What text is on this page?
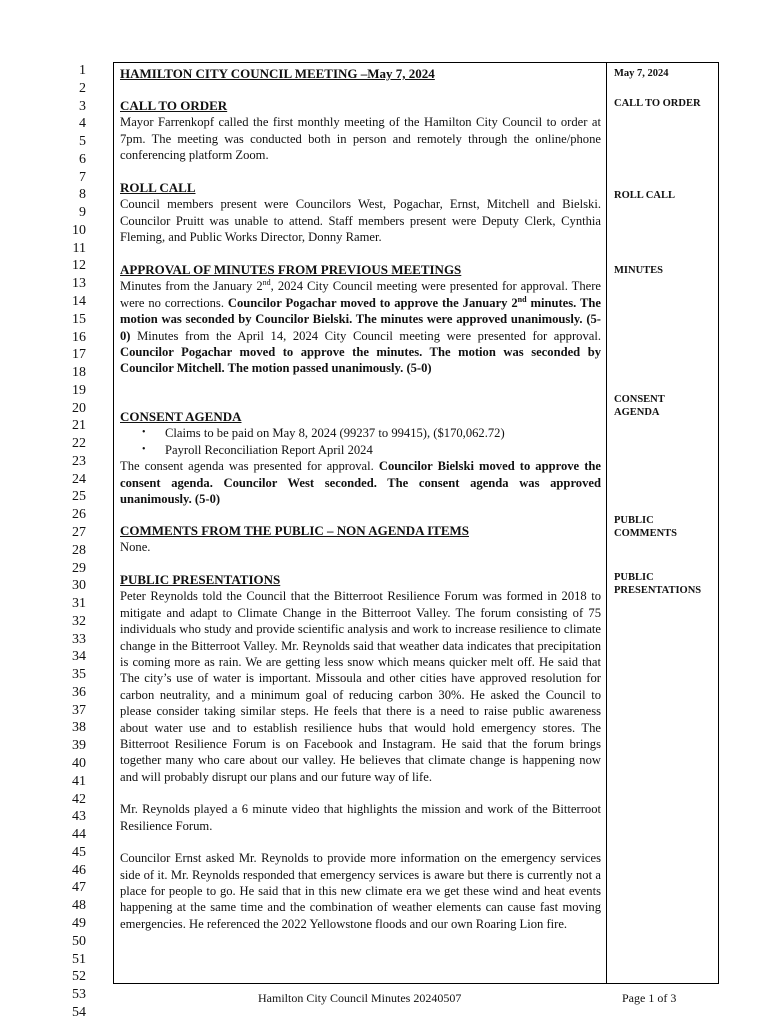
1
2
3
4
5
6
7
8
9
10
11
12
13
14
15
16
17
18
19
20
21
22
23
24
25
26
27
28
29
30
31
32
33
34
35
36
37
38
39
40
41
42
43
44
45
46
47
48
49
50
51
52
53
54
HAMILTON CITY COUNCIL MEETING –May 7, 2024
CALL TO ORDER
Mayor Farrenkopf called the first monthly meeting of the Hamilton City Council to order at 7pm. The meeting was conducted both in person and remotely through the online/phone conferencing platform Zoom.
ROLL CALL
Council members present were Councilors West, Pogachar, Ernst, Mitchell and Bielski. Councilor Pruitt was unable to attend. Staff members present were Deputy Clerk, Cynthia Fleming, and Public Works Director, Donny Ramer.
APPROVAL OF MINUTES FROM PREVIOUS MEETINGS
Minutes from the January 2nd, 2024 City Council meeting were presented for approval. There were no corrections. Councilor Pogachar moved to approve the January 2nd minutes. The motion was seconded by Councilor Bielski. The minutes were approved unanimously. (5-0) Minutes from the April 14, 2024 City Council meeting were presented for approval. Councilor Pogachar moved to approve the minutes. The motion was seconded by Councilor Mitchell. The motion passed unanimously. (5-0)
CONSENT AGENDA
• Claims to be paid on May 8, 2024 (99237 to 99415), ($170,062.72)
• Payroll Reconciliation Report April 2024
The consent agenda was presented for approval. Councilor Bielski moved to approve the consent agenda. Councilor West seconded. The consent agenda was approved unanimously. (5-0)
COMMENTS FROM THE PUBLIC – NON AGENDA ITEMS
None.
PUBLIC PRESENTATIONS
Peter Reynolds told the Council that the Bitterroot Resilience Forum was formed in 2018 to mitigate and adapt to Climate Change in the Bitterroot Valley. The forum consisting of 75 individuals who study and provide scientific analysis and work to increase resilience to climate change in the Bitterroot Valley. Mr. Reynolds said that weather data indicates that precipitation is coming more as rain. We are getting less snow which means quicker melt off. He said that The city’s use of water is important. Missoula and other cities have approved resolution for carbon neutrality, and a minimum goal of reducing carbon 30%. He asked the Council to please consider taking similar steps. He feels that there is a need to raise public awareness about water use and to establish resilience hubs that would hold emergency stores. The Bitterroot Resilience Forum is on Facebook and Instagram. He said that the forum brings together many who care about our valley. He believes that climate change is happening now and will probably disrupt our plans and our future way of life.
Mr. Reynolds played a 6 minute video that highlights the mission and work of the Bitterroot Resilience Forum.
Councilor Ernst asked Mr. Reynolds to provide more information on the emergency services side of it. Mr. Reynolds responded that emergency services is aware but there is currently not a place for people to go. He said that in this new climate era we get these wind and heat events happening at the same time and the combination of weather elements can cause fast moving emergencies. He referenced the 2022 Yellowstone floods and our own Roaring Lion fire.
May 7, 2024
CALL TO ORDER
ROLL CALL
MINUTES
CONSENT AGENDA
PUBLIC COMMENTS
PUBLIC PRESENTATIONS
Hamilton City Council Minutes 20240507	Page 1 of 3
